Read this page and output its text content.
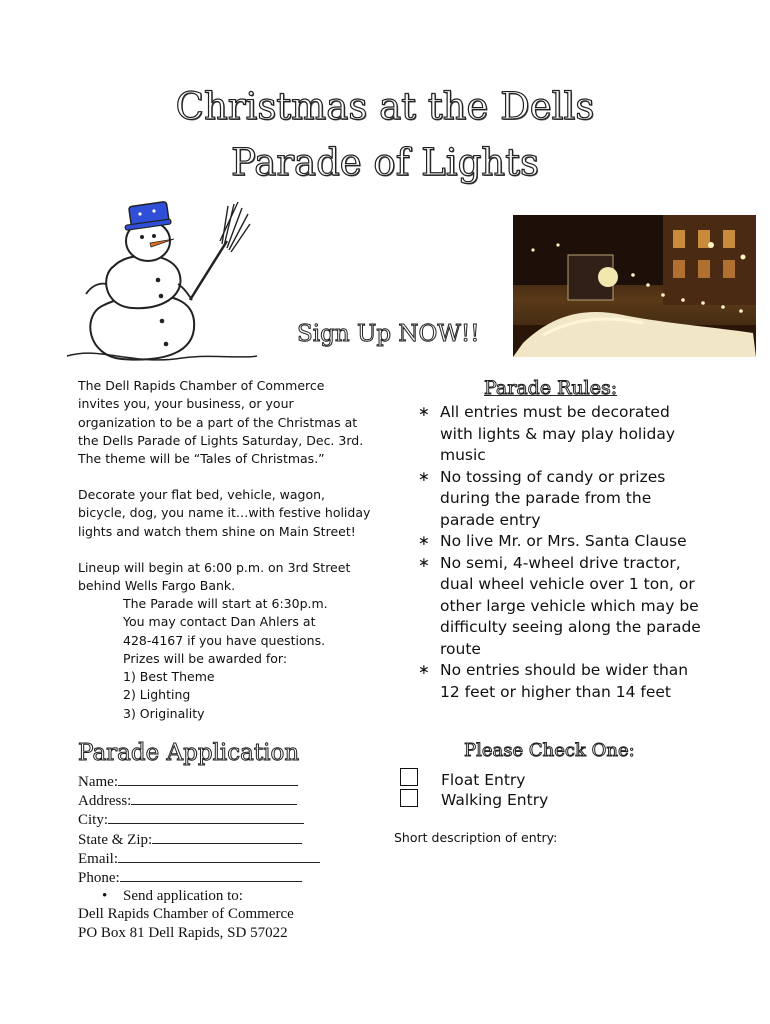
Christmas at the Dells
Parade of Lights
Sign Up NOW!!
The Dell Rapids Chamber of Commerce
invites you, your business, or your
organization to be a part of the Christmas at
the Dells Parade of Lights Saturday, Dec. 3rd.
The theme will be “Tales of Christmas.”
Decorate your flat bed, vehicle, wagon,
bicycle, dog, you name it…with festive holiday
lights and watch them shine on Main Street!
Lineup will begin at 6:00 p.m. on 3rd Street
behind Wells Fargo Bank.
The Parade will start at 6:30p.m.
You may contact Dan Ahlers at
428-4167 if you have questions.
Prizes will be awarded for:
1) Best Theme
2) Lighting
3) Originality
Parade Rules:
∗ All entries must be decorated
with lights & may play holiday
music
∗ No tossing of candy or prizes
during the parade from the
parade entry
∗ No live Mr. or Mrs. Santa Clause
∗ No semi, 4-wheel drive tractor,
dual wheel vehicle over 1 ton, or
other large vehicle which may be
difficulty seeing along the parade
route
∗ No entries should be wider than
12 feet or higher than 14 feet
Parade Application
Name:
Address:
City:
State & Zip:
Email:
Phone:
• Send application to:
Dell Rapids Chamber of Commerce
PO Box 81 Dell Rapids, SD 57022
Please Check One:
Float Entry
Walking Entry
Short description of entry:
